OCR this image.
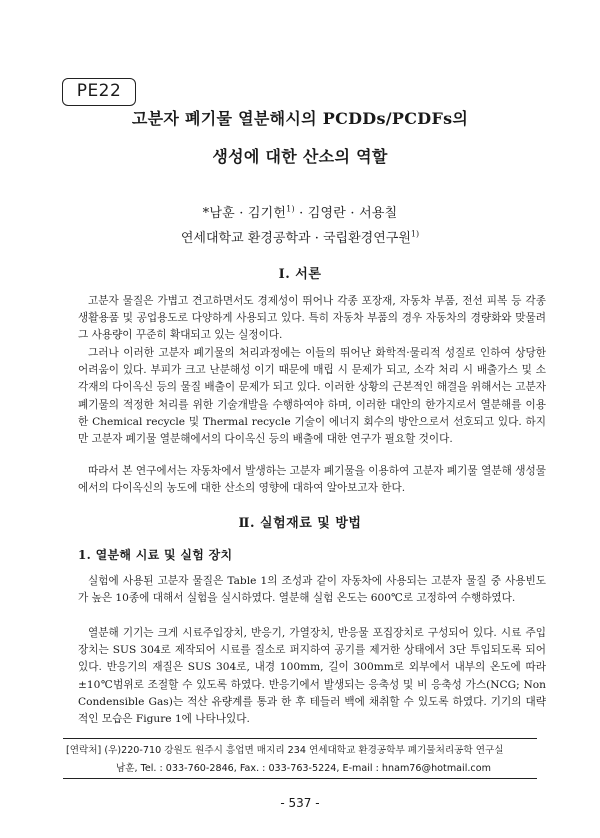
PE22
고분자 폐기물 열분해시의 PCDDs/PCDFs의
생성에 대한 산소의 역할
*남훈 · 김기헌$^{1)}$ · 김영란 · 서용칠
연세대학교 환경공학과 · 국립환경연구원$^{1)}$
Ⅰ. 서론

고분자 물질은 가볍고 견고하면서도 경제성이 뛰어나 각종 포장재, 자동차 부품, 전선 피복 등 각종 생활용품 및 공업용도로 다양하게 사용되고 있다. 특히 자동차 부품의 경우 자동차의 경량화와 맞물려 그 사용량이 꾸준히 확대되고 있는 실정이다.

그러나 이러한 고분자 폐기물의 처리과정에는 이들의 뛰어난 화학적·물리적 성질로 인하여 상당한 어려움이 있다. 부피가 크고 난분해성 이기 때문에 매립 시 문제가 되고, 소각 처리 시 배출가스 및 소각재의 다이옥신 등의 물질 배출이 문제가 되고 있다. 이러한 상황의 근본적인 해결을 위해서는 고분자 폐기물의 적정한 처리를 위한 기술개발을 수행하여야 하며, 이러한 대안의 한가지로서 열분해를 이용한 Chemical recycle 및 Thermal recycle 기술이 에너지 회수의 방안으로서 선호되고 있다. 하지만 고분자 폐기물 열분해에서의 다이옥신 등의 배출에 대한 연구가 필요할 것이다.

따라서 본 연구에서는 자동차에서 발생하는 고분자 폐기물을 이용하여 고분자 폐기물 열분해 생성물에서의 다이옥신의 농도에 대한 산소의 영향에 대하여 알아보고자 한다.

Ⅱ. 실험재료 및 방법
1. 열분해 시료 및 실험 장치

실험에 사용된 고분자 물질은 Table 1의 조성과 같이 자동차에 사용되는 고분자 물질 중 사용빈도가 높은 10종에 대해서 실험을 실시하였다. 열분해 실험 온도는 600℃로 고정하여 수행하였다.

열분해 기기는 크게 시료주입장치, 반응기, 가열장치, 반응물 포집장치로 구성되어 있다. 시료 주입 장치는 SUS 304로 제작되어 시료를 질소로 퍼지하여 공기를 제거한 상태에서 3단 투입되도록 되어 있다. 반응기의 재질은 SUS 304로, 내경 100mm, 길이 300mm로 외부에서 내부의 온도에 따라 ±10℃범위로 조절할 수 있도록 하였다. 반응기에서 발생되는 응축성 및 비 응축성 가스(NCG; Non Condensible Gas)는 적산 유량계를 통과 한 후 테들러 백에 채취할 수 있도록 하였다. 기기의 대략적인 모습은 Figure 1에 나타나있다.

[연락처] (우)220-710 강원도 원주시 흥업면 매지리 234 연세대학교 환경공학부 폐기물처리공학 연구실
남훈, Tel. : 033-760-2846, Fax. : 033-763-5224, E-mail : hnam76@hotmail.com
- 537 -
